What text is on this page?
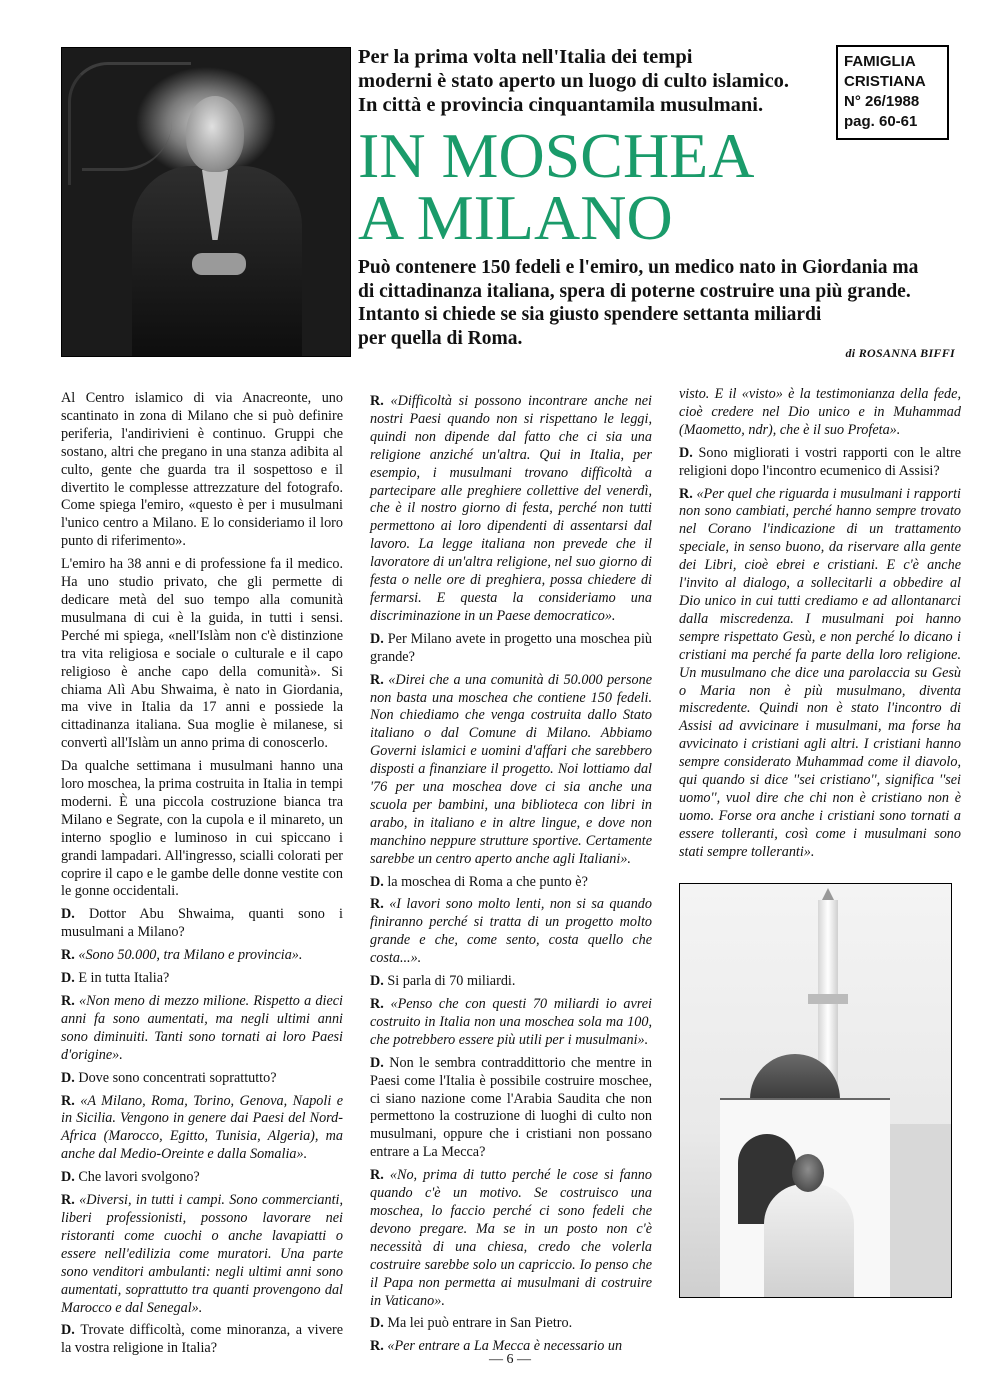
Per la prima volta nell'Italia dei tempi
moderni è stato aperto un luogo di culto islamico.
In città e provincia cinquantamila musulmani.
FAMIGLIA
CRISTIANA
N° 26/1988
pag. 60-61
IN MOSCHEA
A MILANO
Può contenere 150 fedeli e l'emiro, un medico nato in Giordania ma
di cittadinanza italiana, spera di poterne costruire una più grande.
Intanto si chiede se sia giusto spendere settanta miliardi
per quella di Roma.
di ROSANNA BIFFI

Al Centro islamico di via Anacreonte, uno scantinato in zona di Milano che si può definire periferia, l'andirivieni è continuo. Gruppi che sostano, altri che pregano in una stanza adibita al culto, gente che guarda tra il sospettoso e il divertito le complesse attrezzature del fotografo. Come spiega l'emiro, «questo è per i musulmani l'unico centro a Milano. E lo consideriamo il loro punto di riferimento».

L'emiro ha 38 anni e di professione fa il medico. Ha uno studio privato, che gli permette di dedicare metà del suo tempo alla comunità musulmana di cui è la guida, in tutti i sensi. Perché mi spiega, «nell'Islàm non c'è distinzione tra vita religiosa e sociale o culturale e il capo religioso è anche capo della comunità». Si chiama Alì Abu Shwaima, è nato in Giordania, ma vive in Italia da 17 anni e possiede la cittadinanza italiana. Sua moglie è milanese, si convertì all'Islàm un anno prima di conoscerlo.

Da qualche settimana i musulmani hanno una loro moschea, la prima costruita in Italia in tempi moderni. È una piccola costruzione bianca tra Milano e Segrate, con la cupola e il minareto, un interno spoglio e luminoso in cui spiccano i grandi lampadari. All'ingresso, scialli colorati per coprire il capo e le gambe delle donne vestite con le gonne occidentali.

D. Dottor Abu Shwaima, quanti sono i musulmani a Milano?

R. «Sono 50.000, tra Milano e provincia».

D. E in tutta Italia?

R. «Non meno di mezzo milione. Rispetto a dieci anni fa sono aumentati, ma negli ultimi anni sono diminuiti. Tanti sono tornati ai loro Paesi d'origine».

D. Dove sono concentrati soprattutto?

R. «A Milano, Roma, Torino, Genova, Napoli e in Sicilia. Vengono in genere dai Paesi del Nord-Africa (Marocco, Egitto, Tunisia, Algeria), ma anche dal Medio-Oreinte e dalla Somalia».

D. Che lavori svolgono?

R. «Diversi, in tutti i campi. Sono commercianti, liberi professionisti, possono lavorare nei ristoranti come cuochi o anche lavapiatti o essere nell'edilizia come muratori. Una parte sono venditori ambulanti: negli ultimi anni sono aumentati, soprattutto tra quanti provengono dal Marocco e dal Senegal».

D. Trovate difficoltà, come minoranza, a vivere la vostra religione in Italia?

R. «Difficoltà si possono incontrare anche nei nostri Paesi quando non si rispettano le leggi, quindi non dipende dal fatto che ci sia una religione anziché un'altra. Qui in Italia, per esempio, i musulmani trovano difficoltà a partecipare alle preghiere collettive del venerdì, che è il nostro giorno di festa, perché non tutti permettono ai loro dipendenti di assentarsi dal lavoro. La legge italiana non prevede che il lavoratore di un'altra religione, nel suo giorno di festa o nelle ore di preghiera, possa chiedere di fermarsi. E questa la consideriamo una discriminazione in un Paese democratico».

D. Per Milano avete in progetto una moschea più grande?

R. «Direi che a una comunità di 50.000 persone non basta una moschea che contiene 150 fedeli. Non chiediamo che venga costruita dallo Stato italiano o dal Comune di Milano. Abbiamo Governi islamici e uomini d'affari che sarebbero disposti a finanziare il progetto. Noi lottiamo dal '76 per una moschea dove ci sia anche una scuola per bambini, una biblioteca con libri in arabo, in italiano e in altre lingue, e dove non manchino neppure strutture sportive. Certamente sarebbe un centro aperto anche agli Italiani».

D. la moschea di Roma a che punto è?

R. «I lavori sono molto lenti, non si sa quando finiranno perché si tratta di un progetto molto grande e che, come sento, costa quello che costa...».

D. Si parla di 70 miliardi.

R. «Penso che con questi 70 miliardi io avrei costruito in Italia non una moschea sola ma 100, che potrebbero essere più utili per i musulmani».

D. Non le sembra contraddittorio che mentre in Paesi come l'Italia è possibile costruire moschee, ci siano nazione come l'Arabia Saudita che non permettono la costruzione di luoghi di culto non musulmani, oppure che i cristiani non possano entrare a La Mecca?

R. «No, prima di tutto perché le cose si fanno quando c'è un motivo. Se costruisco una moschea, lo faccio perché ci sono fedeli che devono pregare. Ma se in un posto non c'è necessità di una chiesa, credo che volerla costruire sarebbe solo un capriccio. Io penso che il Papa non permetta ai musulmani di costruire in Vaticano».

D. Ma lei può entrare in San Pietro.

R. «Per entrare a La Mecca è necessario un

visto. E il «visto» è la testimonianza della fede, cioè credere nel Dio unico e in Muhammad (Maometto, ndr), che è il suo Profeta».

D. Sono migliorati i vostri rapporti con le altre religioni dopo l'incontro ecumenico di Assisi?

R. «Per quel che riguarda i musulmani i rapporti non sono cambiati, perché hanno sempre trovato nel Corano l'indicazione di un trattamento speciale, in senso buono, da riservare alla gente dei Libri, cioè ebrei e cristiani. E c'è anche l'invito al dialogo, a sollecitarli a obbedire al Dio unico in cui tutti crediamo e ad allontanarci dalla miscredenza. I musulmani poi hanno sempre rispettato Gesù, e non perché lo dicano i cristiani ma perché fa parte della loro religione. Un musulmano che dice una parolaccia su Gesù o Maria non è più musulmano, diventa miscredente. Quindi non è stato l'incontro di Assisi ad avvicinare i musulmani, ma forse ha avvicinato i cristiani agli altri. I cristiani hanno sempre considerato Muhammad come il diavolo, qui quando si dice ''sei cristiano'', significa ''sei uomo'', vuol dire che chi non è cristiano non è uomo. Forse ora anche i cristiani sono tornati a essere tolleranti, così come i musulmani sono stati sempre tolleranti».

— 6 —
